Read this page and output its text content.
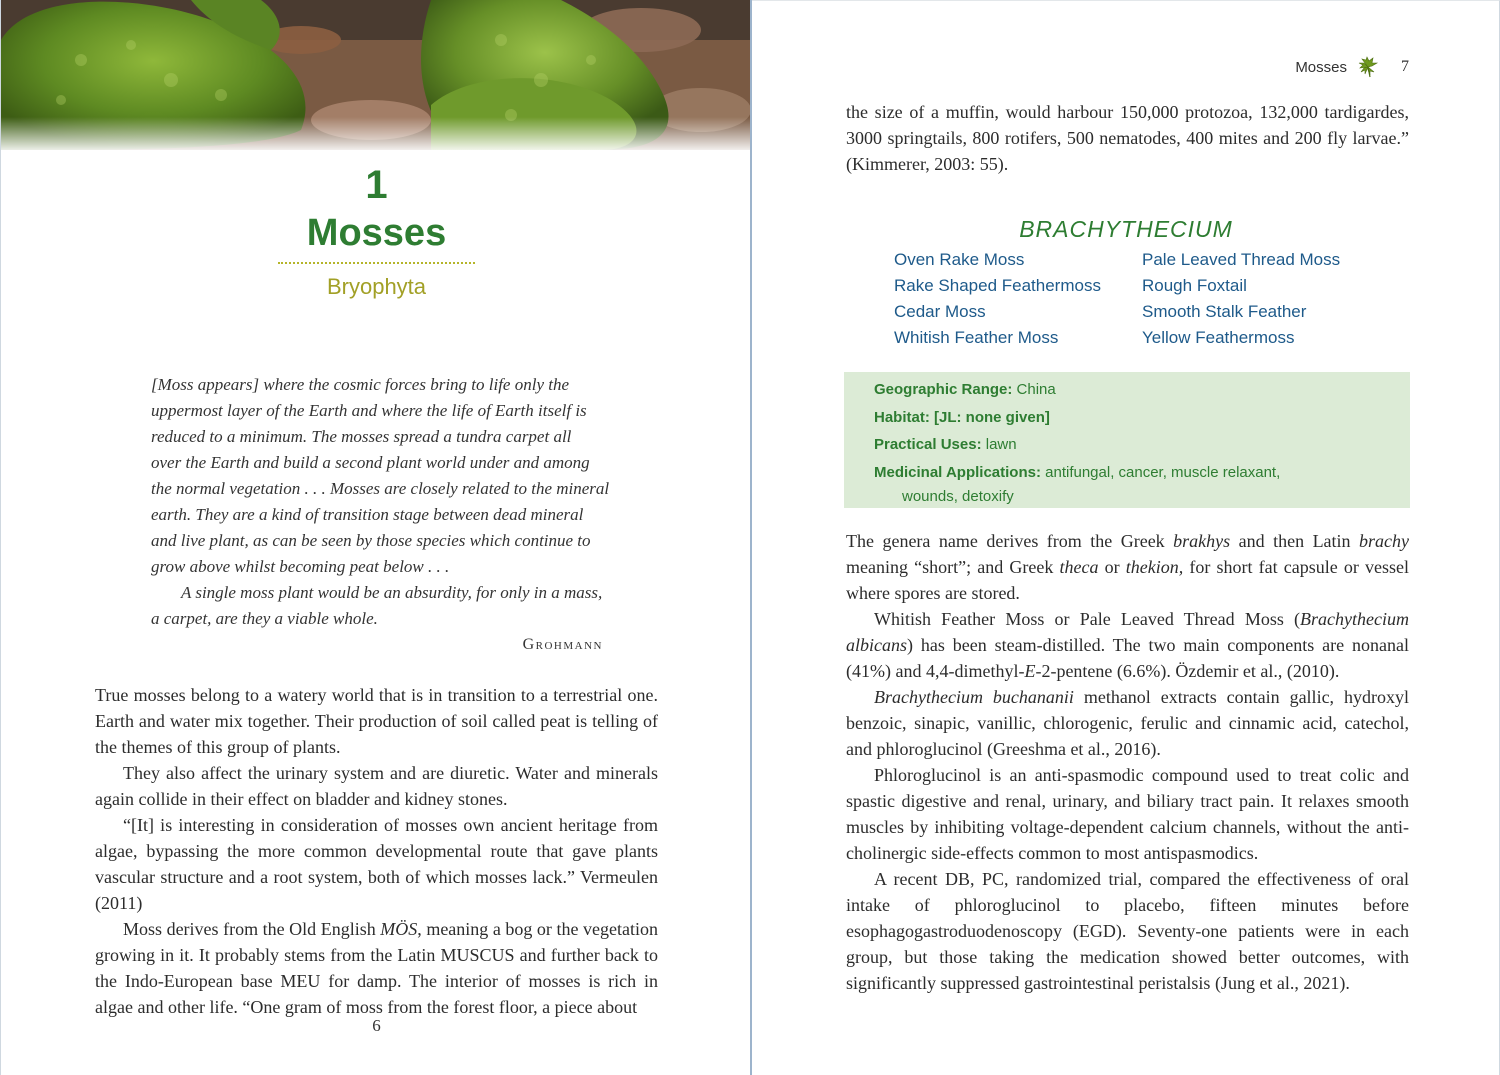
1
Mosses
Bryophyta
[Moss appears] where the cosmic forces bring to life only the
uppermost layer of the Earth and where the life of Earth itself is
reduced to a minimum. The mosses spread a tundra carpet all
over the Earth and build a second plant world under and among
the normal vegetation . . . Mosses are closely related to the mineral
earth. They are a kind of transition stage between dead mineral
and live plant, as can be seen by those species which continue to
grow above whilst becoming peat below . . .
A single moss plant would be an absurdity, for only in a mass,
a carpet, are they a viable whole.
Grohmann

True mosses belong to a watery world that is in transition to a terrestrial one. Earth and water mix together. Their production of soil called peat is telling of the themes of this group of plants.

They also affect the urinary system and are diuretic. Water and minerals again collide in their effect on bladder and kidney stones.

“[It] is interesting in consideration of mosses own ancient heritage from algae, bypassing the more common developmental route that gave plants vascular structure and a root system, both of which mosses lack.” Vermeulen (2011)

Moss derives from the Old English MÖS, meaning a bog or the vegetation growing in it. It probably stems from the Latin MUSCUS and further back to the Indo-European base MEU for damp. The interior of mosses is rich in algae and other life. “One gram of moss from the forest floor, a piece about

6
Mosses	7
the size of a muffin, would harbour 150,000 protozoa, 132,000 tardigardes, 3000 springtails, 800 rotifers, 500 nematodes, 400 mites and 200 fly larvae.” (Kimmerer, 2003: 55).
BRACHYTHECIUM
Oven Rake Moss
Rake Shaped Feathermoss
Cedar Moss
Whitish Feather Moss
Pale Leaved Thread Moss
Rough Foxtail
Smooth Stalk Feather
Yellow Feathermoss
Geographic Range: China
Habitat: [JL: none given]
Practical Uses: lawn
Medicinal Applications: antifungal, cancer, muscle relaxant,
wounds, detoxify

The genera name derives from the Greek brakhys and then Latin brachy meaning “short”; and Greek theca or thekion, for short fat capsule or vessel where spores are stored.

Whitish Feather Moss or Pale Leaved Thread Moss (Brachythecium albicans) has been steam-distilled. The two main components are nonanal (41%) and 4,4-dimethyl-E-2-pentene (6.6%). Özdemir et al., (2010).

Brachythecium buchananii methanol extracts contain gallic, hydroxyl benzoic, sinapic, vanillic, chlorogenic, ferulic and cinnamic acid, catechol, and phloroglucinol (Greeshma et al., 2016).

Phloroglucinol is an anti-spasmodic compound used to treat colic and spastic digestive and renal, urinary, and biliary tract pain. It relaxes smooth muscles by inhibiting voltage-dependent calcium channels, without the anti-cholinergic side-effects common to most antispasmodics.

A recent DB, PC, randomized trial, compared the effectiveness of oral intake of phloroglucinol to placebo, fifteen minutes before esophagogastroduodenoscopy (EGD). Seventy-one patients were in each group, but those taking the medication showed better outcomes, with significantly suppressed gastrointestinal peristalsis (Jung et al., 2021).
